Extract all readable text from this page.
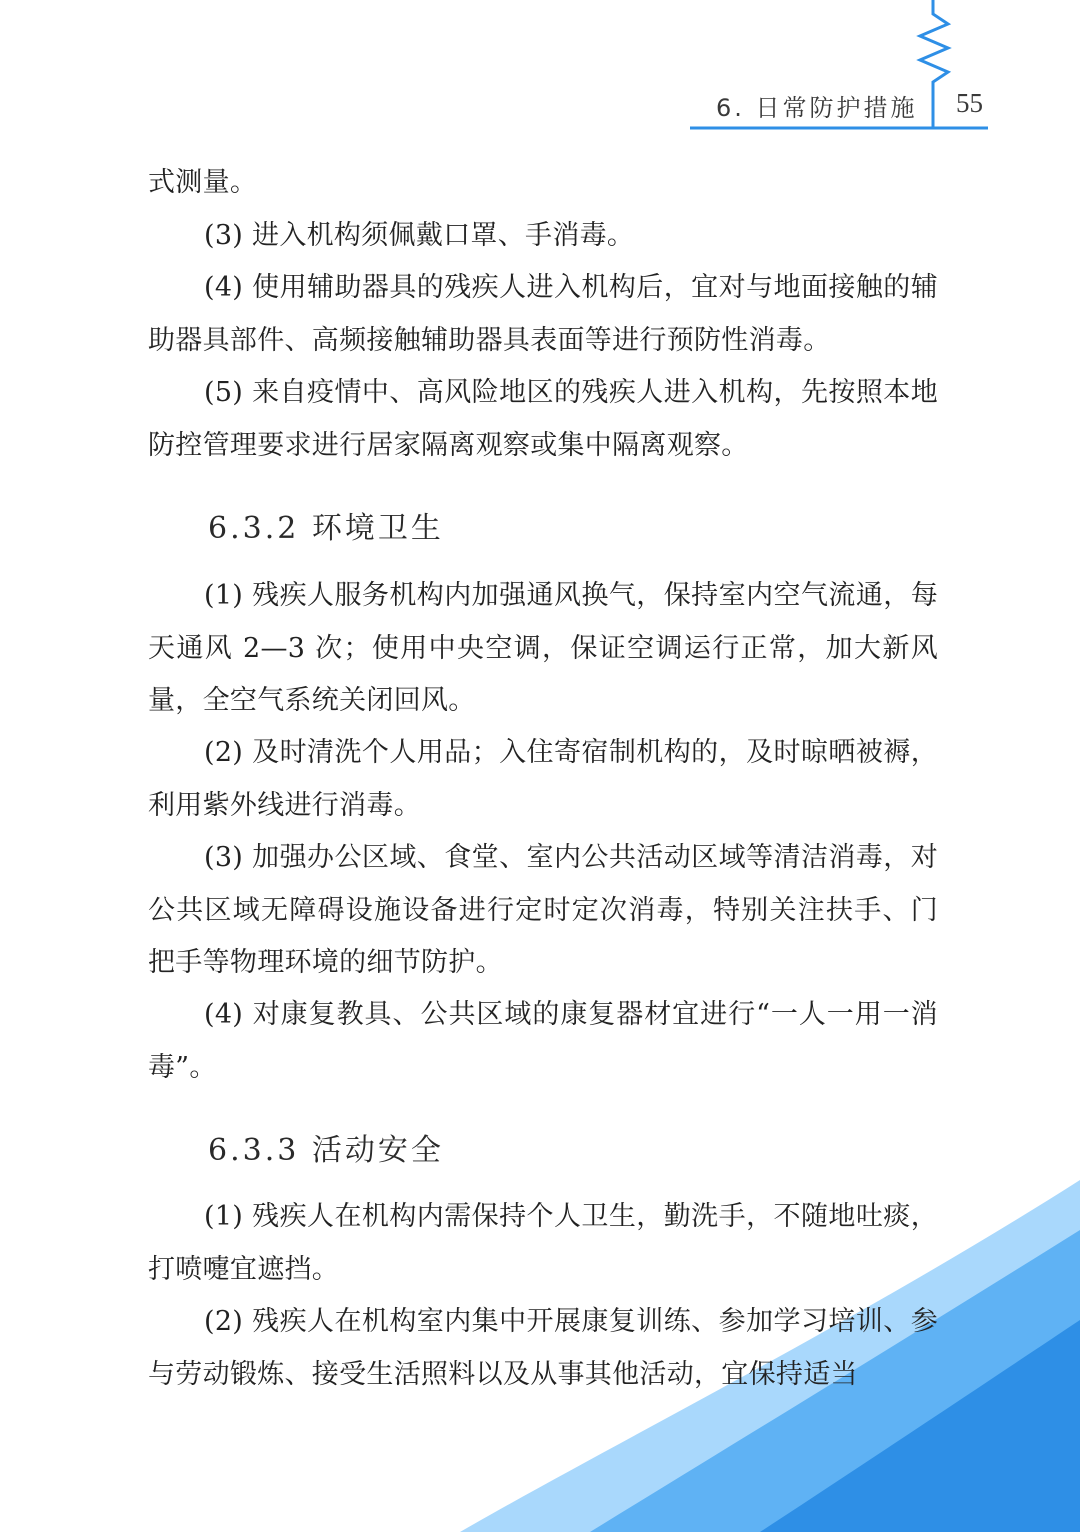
6. 日常防护措施 55

式测量。

(3) 进入机构须佩戴口罩、手消毒。

(4) 使用辅助器具的残疾人进入机构后，宜对与地面接触的辅助器具部件、高频接触辅助器具表面等进行预防性消毒。

(5) 来自疫情中、高风险地区的残疾人进入机构，先按照本地防控管理要求进行居家隔离观察或集中隔离观察。

6.3.2 环境卫生

(1) 残疾人服务机构内加强通风换气，保持室内空气流通，每天通风 2—3 次；使用中央空调，保证空调运行正常，加大新风量，全空气系统关闭回风。

(2) 及时清洗个人用品；入住寄宿制机构的，及时晾晒被褥，利用紫外线进行消毒。

(3) 加强办公区域、食堂、室内公共活动区域等清洁消毒，对公共区域无障碍设施设备进行定时定次消毒，特别关注扶手、门把手等物理环境的细节防护。

(4) 对康复教具、公共区域的康复器材宜进行“一人一用一消毒”。

6.3.3 活动安全

(1) 残疾人在机构内需保持个人卫生，勤洗手，不随地吐痰，打喷嚏宜遮挡。

(2) 残疾人在机构室内集中开展康复训练、参加学习培训、参与劳动锻炼、接受生活照料以及从事其他活动，宜保持适当
